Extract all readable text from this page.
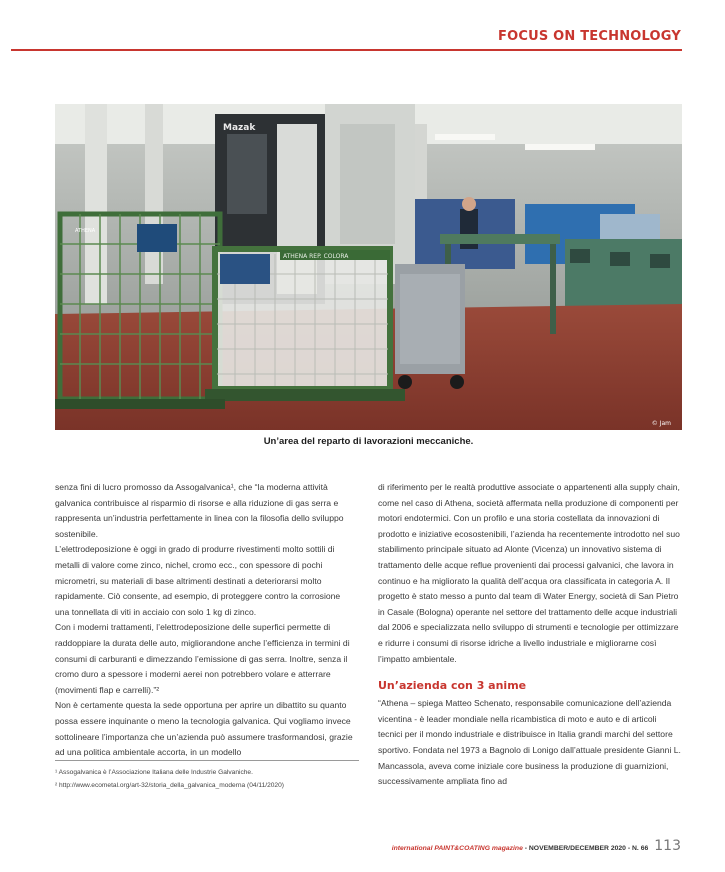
FOCUS ON TECHNOLOGY
Mazak
ATHENA
ATHENA REP. COLORA
© Jam
Un’area del reparto di lavorazioni meccaniche.

senza fini di lucro promosso da Assogalvanica¹, che “la moderna attività galvanica contribuisce al risparmio di risorse e alla riduzione di gas serra e rappresenta un’industria perfettamente in linea con la filosofia dello sviluppo sostenibile.

L’elettrodeposizione è oggi in grado di produrre rivestimenti molto sottili di metalli di valore come zinco, nichel, cromo ecc., con spessore di pochi micrometri, su materiali di base altrimenti destinati a deteriorarsi molto rapidamente. Ciò consente, ad esempio, di proteggere contro la corrosione una tonnellata di viti in acciaio con solo 1 kg di zinco.

Con i moderni trattamenti, l’elettrodeposizione delle superfici permette di raddoppiare la durata delle auto, migliorandone anche l’efficienza in termini di consumi di carburanti e dimezzando l’emissione di gas serra. Inoltre, senza il cromo duro a spessore i moderni aerei non potrebbero volare e atterrare (movimenti flap e carrelli).”²

Non è certamente questa la sede opportuna per aprire un dibattito su quanto possa essere inquinante o meno la tecnologia galvanica. Qui vogliamo invece sottolineare l’importanza che un’azienda può assumere trasformandosi, grazie ad una politica ambientale accorta, in un modello

di riferimento per le realtà produttive associate o appartenenti alla supply chain, come nel caso di Athena, società affermata nella produzione di componenti per motori endotermici. Con un profilo e una storia costellata da innovazioni di prodotto e iniziative ecosostenibili, l’azienda ha recentemente introdotto nel suo stabilimento principale situato ad Alonte (Vicenza) un innovativo sistema di trattamento delle acque reflue provenienti dai processi galvanici, che lavora in continuo e ha migliorato la qualità dell’acqua ora classificata in categoria A. Il progetto è stato messo a punto dal team di Water Energy, società di San Pietro in Casale (Bologna) operante nel settore del trattamento delle acque industriali dal 2006 e specializzata nello sviluppo di strumenti e tecnologie per ottimizzare e ridurre i consumi di risorse idriche a livello industriale e migliorarne così l’impatto ambientale.

Un’azienda con 3 anime

“Athena – spiega Matteo Schenato, responsabile comunicazione dell’azienda vicentina - è leader mondiale nella ricambistica di moto e auto e di articoli tecnici per il mondo industriale e distribuisce in Italia grandi marchi del settore sportivo. Fondata nel 1973 a Bagnolo di Lonigo dall’attuale presidente Gianni L. Mancassola, aveva come iniziale core business la produzione di guarnizioni, successivamente ampliata fino ad

¹ Assogalvanica è l’Associazione Italiana delle Industrie Galvaniche.

² http://www.ecometal.org/art-32/storia_della_galvanica_moderna (04/11/2020)

international PAINT&COATING magazine - NOVEMBER/DECEMBER 2020 - N. 66 113
